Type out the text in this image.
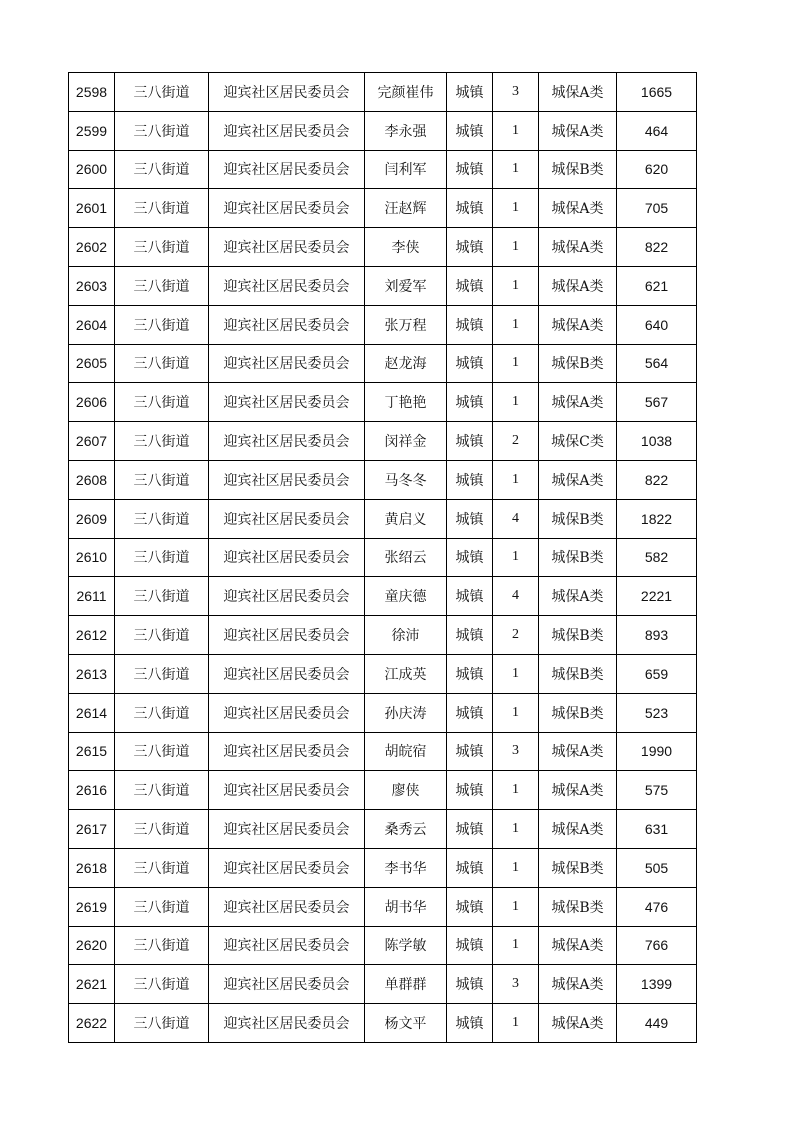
2598	三八街道	迎宾社区居民委员会	完颜崔伟	城镇	3	城保A类	1665
2599	三八街道	迎宾社区居民委员会	李永强	城镇	1	城保A类	464
2600	三八街道	迎宾社区居民委员会	闫利军	城镇	1	城保B类	620
2601	三八街道	迎宾社区居民委员会	汪赵辉	城镇	1	城保A类	705
2602	三八街道	迎宾社区居民委员会	李侠	城镇	1	城保A类	822
2603	三八街道	迎宾社区居民委员会	刘爱军	城镇	1	城保A类	621
2604	三八街道	迎宾社区居民委员会	张万程	城镇	1	城保A类	640
2605	三八街道	迎宾社区居民委员会	赵龙海	城镇	1	城保B类	564
2606	三八街道	迎宾社区居民委员会	丁艳艳	城镇	1	城保A类	567
2607	三八街道	迎宾社区居民委员会	闵祥金	城镇	2	城保C类	1038
2608	三八街道	迎宾社区居民委员会	马冬冬	城镇	1	城保A类	822
2609	三八街道	迎宾社区居民委员会	黄启义	城镇	4	城保B类	1822
2610	三八街道	迎宾社区居民委员会	张绍云	城镇	1	城保B类	582
2611	三八街道	迎宾社区居民委员会	童庆德	城镇	4	城保A类	2221
2612	三八街道	迎宾社区居民委员会	徐沛	城镇	2	城保B类	893
2613	三八街道	迎宾社区居民委员会	江成英	城镇	1	城保B类	659
2614	三八街道	迎宾社区居民委员会	孙庆涛	城镇	1	城保B类	523
2615	三八街道	迎宾社区居民委员会	胡皖宿	城镇	3	城保A类	1990
2616	三八街道	迎宾社区居民委员会	廖侠	城镇	1	城保A类	575
2617	三八街道	迎宾社区居民委员会	桑秀云	城镇	1	城保A类	631
2618	三八街道	迎宾社区居民委员会	李书华	城镇	1	城保B类	505
2619	三八街道	迎宾社区居民委员会	胡书华	城镇	1	城保B类	476
2620	三八街道	迎宾社区居民委员会	陈学敏	城镇	1	城保A类	766
2621	三八街道	迎宾社区居民委员会	单群群	城镇	3	城保A类	1399
2622	三八街道	迎宾社区居民委员会	杨文平	城镇	1	城保A类	449
